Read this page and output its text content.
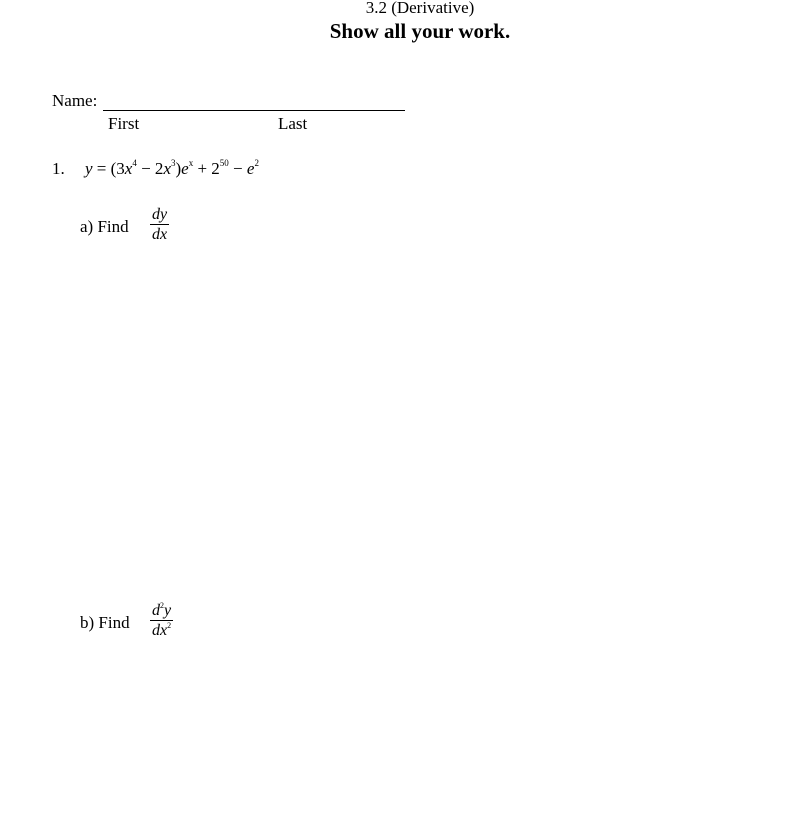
3.2 (Derivative)
Show all your work.
Name:
First	Last
1. $y = (3x^4 - 2x^3)e^x + 2^{50} - e^2$
a) Find
dy
dx
b) Find
$d^2y$
$dx^2$
